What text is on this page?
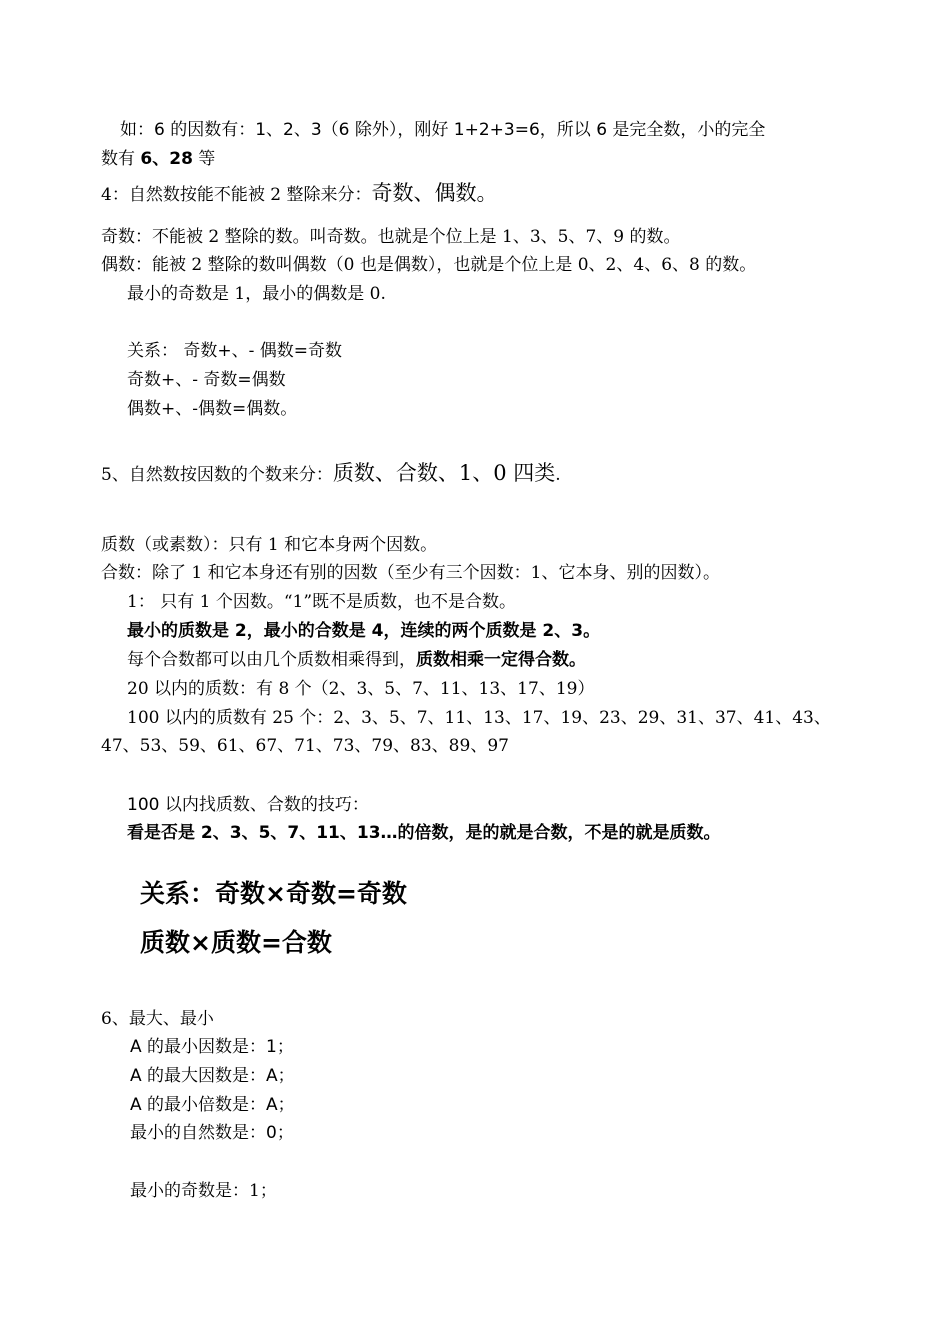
如：6 的因数有：1、2、3（6 除外），刚好 1+2+3=6，所以 6 是完全数，小的完全
数有 6、28 等
4：自然数按能不能被 2 整除来分：奇数、偶数。
奇数：不能被 2 整除的数。叫奇数。也就是个位上是 1、3、5、7、9 的数。
偶数：能被 2 整除的数叫偶数（0 也是偶数），也就是个位上是 0、2、4、6、8 的数。
最小的奇数是 1，最小的偶数是 0.
关系： 奇数+、- 偶数=奇数
奇数+、- 奇数=偶数
偶数+、-偶数=偶数。
5、自然数按因数的个数来分：质数、合数、1、0 四类.
质数（或素数）：只有 1 和它本身两个因数。
合数：除了 1 和它本身还有别的因数（至少有三个因数：1、它本身、别的因数）。
1： 只有 1 个因数。“1”既不是质数，也不是合数。
最小的质数是 2，最小的合数是 4，连续的两个质数是 2、3。
每个合数都可以由几个质数相乘得到，质数相乘一定得合数。
20 以内的质数：有 8 个（2、3、5、7、11、13、17、19）
100 以内的质数有 25 个：2、3、5、7、11、13、17、19、23、29、31、37、41、43、
47、53、59、61、67、71、73、79、83、89、97
100 以内找质数、合数的技巧：
看是否是 2、3、5、7、11、13…的倍数，是的就是合数，不是的就是质数。
关系：奇数×奇数=奇数
质数×质数=合数
6、最大、最小
A 的最小因数是：1；
A 的最大因数是：A；
A 的最小倍数是：A；
最小的自然数是：0；
最小的奇数是：1；
